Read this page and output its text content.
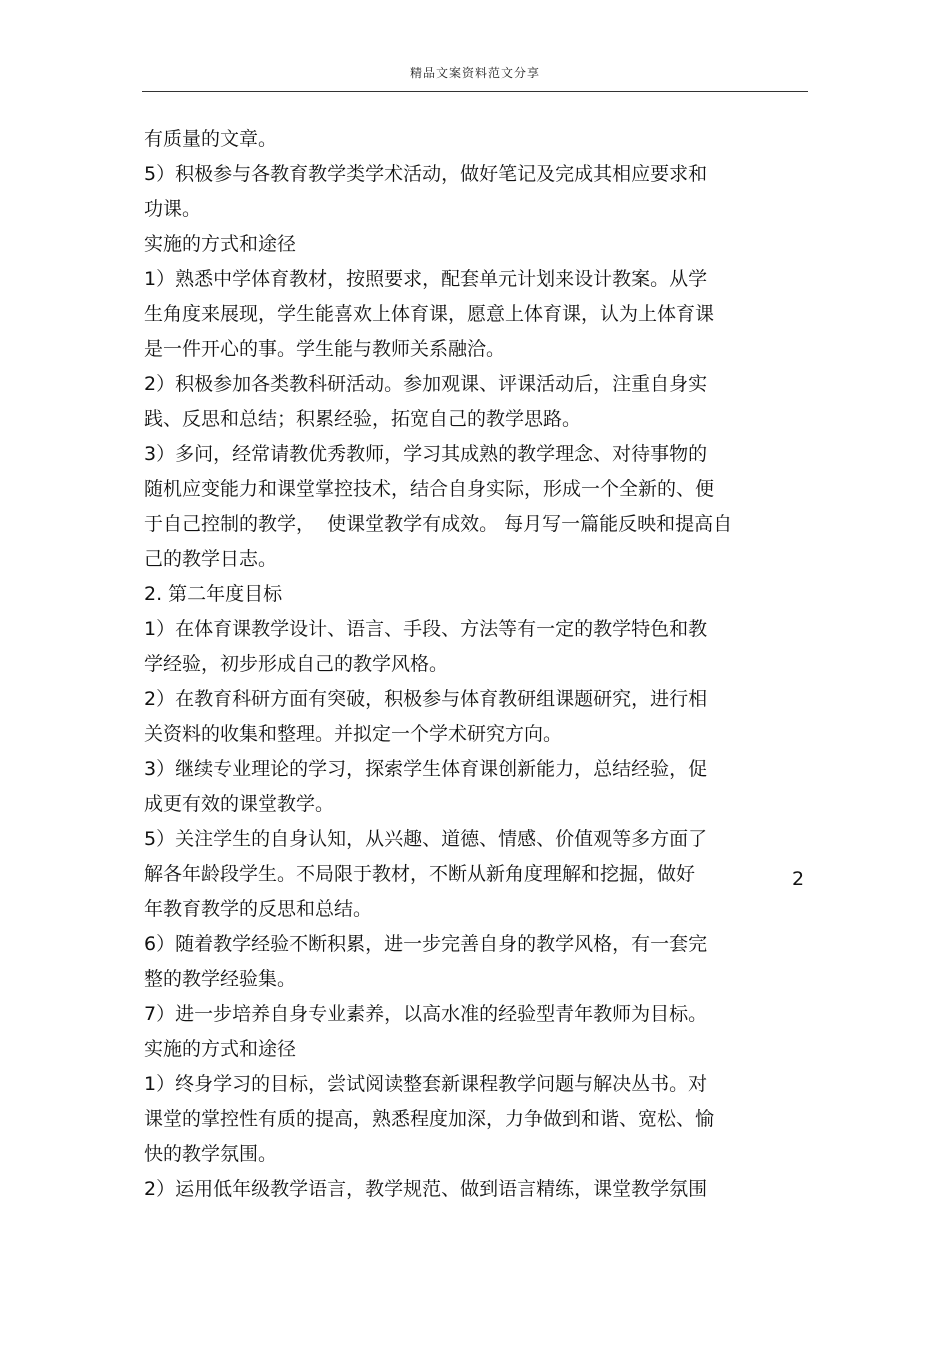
精品文案资料范文分享
有质量的文章。
5）积极参与各教育教学类学术活动，做好笔记及完成其相应要求和
功课。
实施的方式和途径
1）熟悉中学体育教材，按照要求，配套单元计划来设计教案。从学
生角度来展现，学生能喜欢上体育课，愿意上体育课，认为上体育课
是一件开心的事。学生能与教师关系融洽。
2）积极参加各类教科研活动。参加观课、评课活动后，注重自身实
践、反思和总结；积累经验，拓宽自己的教学思路。
3）多问，经常请教优秀教师，学习其成熟的教学理念、对待事物的
随机应变能力和课堂掌控技术，结合自身实际，形成一个全新的、便
于自己控制的教学，  使课堂教学有成效。 每月写一篇能反映和提高自
己的教学日志。
2. 第二年度目标
1）在体育课教学设计、语言、手段、方法等有一定的教学特色和教
学经验，初步形成自己的教学风格。
2）在教育科研方面有突破，积极参与体育教研组课题研究，进行相
关资料的收集和整理。并拟定一个学术研究方向。
3）继续专业理论的学习，探索学生体育课创新能力，总结经验，促
成更有效的课堂教学。
5）关注学生的自身认知，从兴趣、道德、情感、价值观等多方面了
解各年龄段学生。不局限于教材，不断从新角度理解和挖掘，做好
年教育教学的反思和总结。
6）随着教学经验不断积累，进一步完善自身的教学风格，有一套完
整的教学经验集。
7）进一步培养自身专业素养，以高水准的经验型青年教师为目标。
实施的方式和途径
1）终身学习的目标，尝试阅读整套新课程教学问题与解决丛书。对
课堂的掌控性有质的提高，熟悉程度加深，力争做到和谐、宽松、愉
快的教学氛围。
2）运用低年级教学语言，教学规范、做到语言精练，课堂教学氛围
2
